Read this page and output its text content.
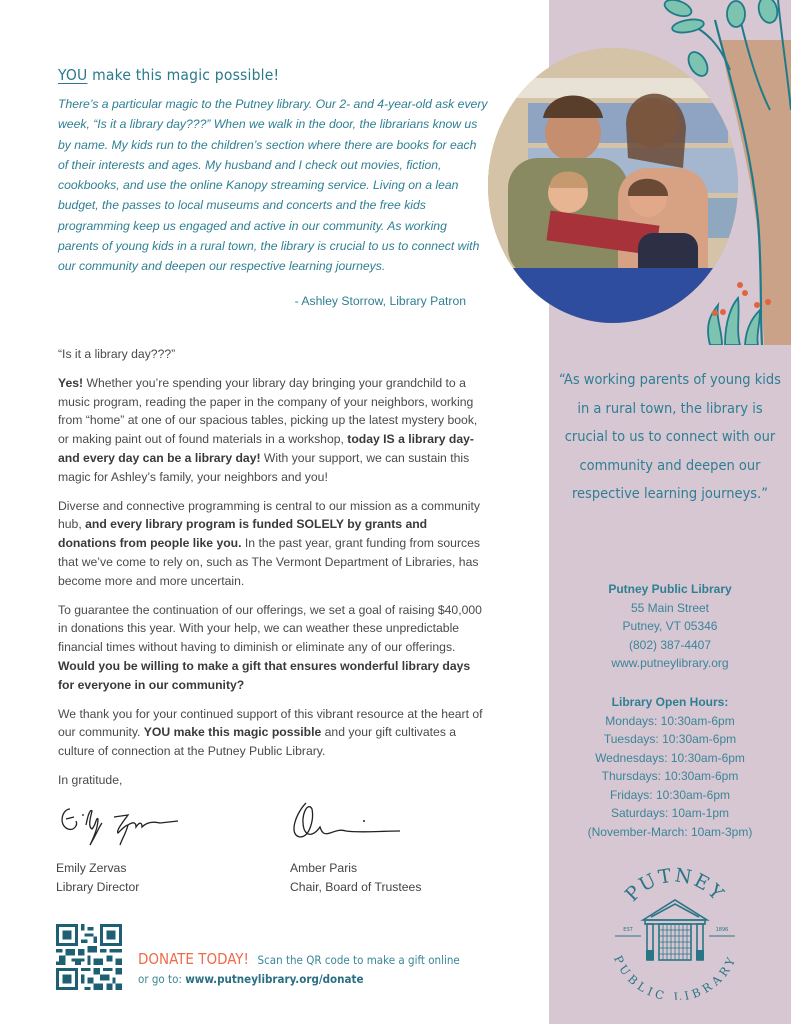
YOU make this magic possible!
There’s a particular magic to the Putney library. Our 2- and 4-year-old ask every week, “Is it a library day???” When we walk in the door, the librarians know us by name. My kids run to the children’s section where there are books for each of their interests and ages. My husband and I check out movies, fiction, cookbooks, and use the online Kanopy streaming service. Living on a lean budget, the passes to local museums and concerts and the free kids programming keep us engaged and active in our community. As working parents of young kids in a rural town, the library is crucial to us to connect with our community and deepen our respective learning journeys.
- Ashley Storrow, Library Patron

“Is it a library day???”

Yes! Whether you’re spending your library day bringing your grandchild to a music program, reading the paper in the company of your neighbors, working from “home” at one of our spacious tables, picking up the latest mystery book, or making paint out of found materials in a workshop, today IS a library day- and every day can be a library day! With your support, we can sustain this magic for Ashley’s family, your neighbors and you!

Diverse and connective programming is central to our mission as a community hub, and every library program is funded SOLELY by grants and donations from people like you. In the past year, grant funding from sources that we’ve come to rely on, such as The Vermont Department of Libraries, has become more and more uncertain.

To guarantee the continuation of our offerings, we set a goal of raising $40,000 in donations this year. With your help, we can weather these unpredictable financial times without having to diminish or eliminate any of our offerings. Would you be willing to make a gift that ensures wonderful library days for everyone in our community?

We thank you for your continued support of this vibrant resource at the heart of our community. YOU make this magic possible and your gift cultivates a culture of connection at the Putney Public Library.

In gratitude,

Emily Zervas
Library Director
Amber Paris
Chair, Board of Trustees
DONATE TODAY! Scan the QR code to make a gift online
or go to: www.putneylibrary.org/donate
“As working parents of young kids in a rural town, the library is crucial to us to connect with our community and deepen our respective learning journeys.”
Putney Public Library
55 Main Street
Putney, VT 05346
(802) 387-4407
www.putneylibrary.org
Library Open Hours:
Mondays: 10:30am-6pm
Tuesdays: 10:30am-6pm
Wednesdays: 10:30am-6pm
Thursdays: 10:30am-6pm
Fridays: 10:30am-6pm
Saturdays: 10am-1pm
(November-March: 10am-3pm)
PUTNEY
PUBLIC LIBRARY
EST	1896
